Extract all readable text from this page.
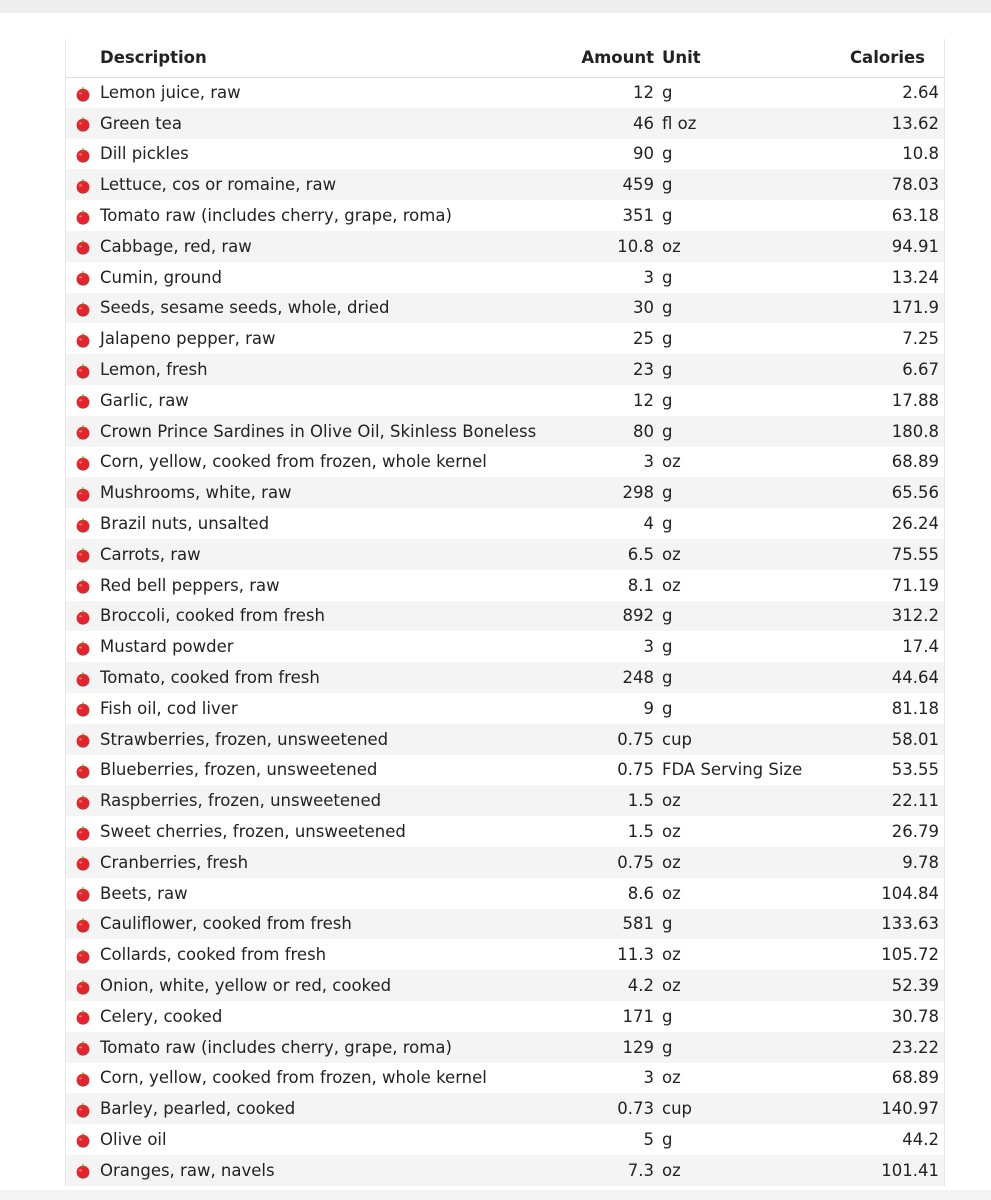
	Description	Amount	Unit	Calories
	Lemon juice, raw	12	g	2.64
	Green tea	46	fl oz	13.62
	Dill pickles	90	g	10.8
	Lettuce, cos or romaine, raw	459	g	78.03
	Tomato raw (includes cherry, grape, roma)	351	g	63.18
	Cabbage, red, raw	10.8	oz	94.91
	Cumin, ground	3	g	13.24
	Seeds, sesame seeds, whole, dried	30	g	171.9
	Jalapeno pepper, raw	25	g	7.25
	Lemon, fresh	23	g	6.67
	Garlic, raw	12	g	17.88
	Crown Prince Sardines in Olive Oil, Skinless Boneless	80	g	180.8
	Corn, yellow, cooked from frozen, whole kernel	3	oz	68.89
	Mushrooms, white, raw	298	g	65.56
	Brazil nuts, unsalted	4	g	26.24
	Carrots, raw	6.5	oz	75.55
	Red bell peppers, raw	8.1	oz	71.19
	Broccoli, cooked from fresh	892	g	312.2
	Mustard powder	3	g	17.4
	Tomato, cooked from fresh	248	g	44.64
	Fish oil, cod liver	9	g	81.18
	Strawberries, frozen, unsweetened	0.75	cup	58.01
	Blueberries, frozen, unsweetened	0.75	FDA Serving Size	53.55
	Raspberries, frozen, unsweetened	1.5	oz	22.11
	Sweet cherries, frozen, unsweetened	1.5	oz	26.79
	Cranberries, fresh	0.75	oz	9.78
	Beets, raw	8.6	oz	104.84
	Cauliflower, cooked from fresh	581	g	133.63
	Collards, cooked from fresh	11.3	oz	105.72
	Onion, white, yellow or red, cooked	4.2	oz	52.39
	Celery, cooked	171	g	30.78
	Tomato raw (includes cherry, grape, roma)	129	g	23.22
	Corn, yellow, cooked from frozen, whole kernel	3	oz	68.89
	Barley, pearled, cooked	0.73	cup	140.97
	Olive oil	5	g	44.2
	Oranges, raw, navels	7.3	oz	101.41
